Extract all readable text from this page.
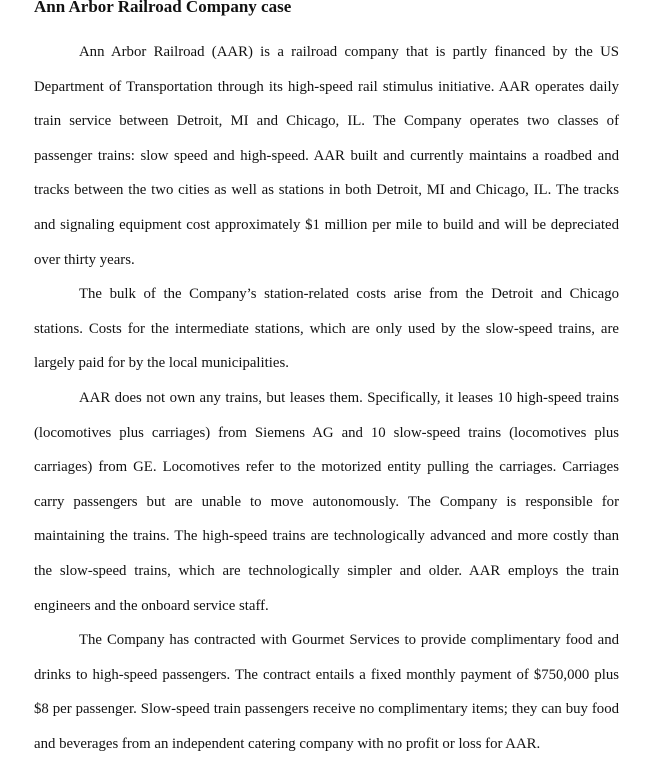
Ann Arbor Railroad Company case

Ann Arbor Railroad (AAR) is a railroad company that is partly financed by the US Department of Transportation through its high-speed rail stimulus initiative. AAR operates daily train service between Detroit, MI and Chicago, IL. The Company operates two classes of passenger trains: slow speed and high-speed. AAR built and currently maintains a roadbed and tracks between the two cities as well as stations in both Detroit, MI and Chicago, IL. The tracks and signaling equipment cost approximately $1 million per mile to build and will be depreciated over thirty years.

The bulk of the Company’s station-related costs arise from the Detroit and Chicago stations. Costs for the intermediate stations, which are only used by the slow-speed trains, are largely paid for by the local municipalities.

AAR does not own any trains, but leases them. Specifically, it leases 10 high-speed trains (locomotives plus carriages) from Siemens AG and 10 slow-speed trains (locomotives plus carriages) from GE. Locomotives refer to the motorized entity pulling the carriages. Carriages carry passengers but are unable to move autonomously. The Company is responsible for maintaining the trains. The high-speed trains are technologically advanced and more costly than the slow-speed trains, which are technologically simpler and older. AAR employs the train engineers and the onboard service staff.

The Company has contracted with Gourmet Services to provide complimentary food and drinks to high-speed passengers. The contract entails a fixed monthly payment of $750,000 plus $8 per passenger. Slow-speed train passengers receive no complimentary items; they can buy food and beverages from an independent catering company with no profit or loss for AAR.
